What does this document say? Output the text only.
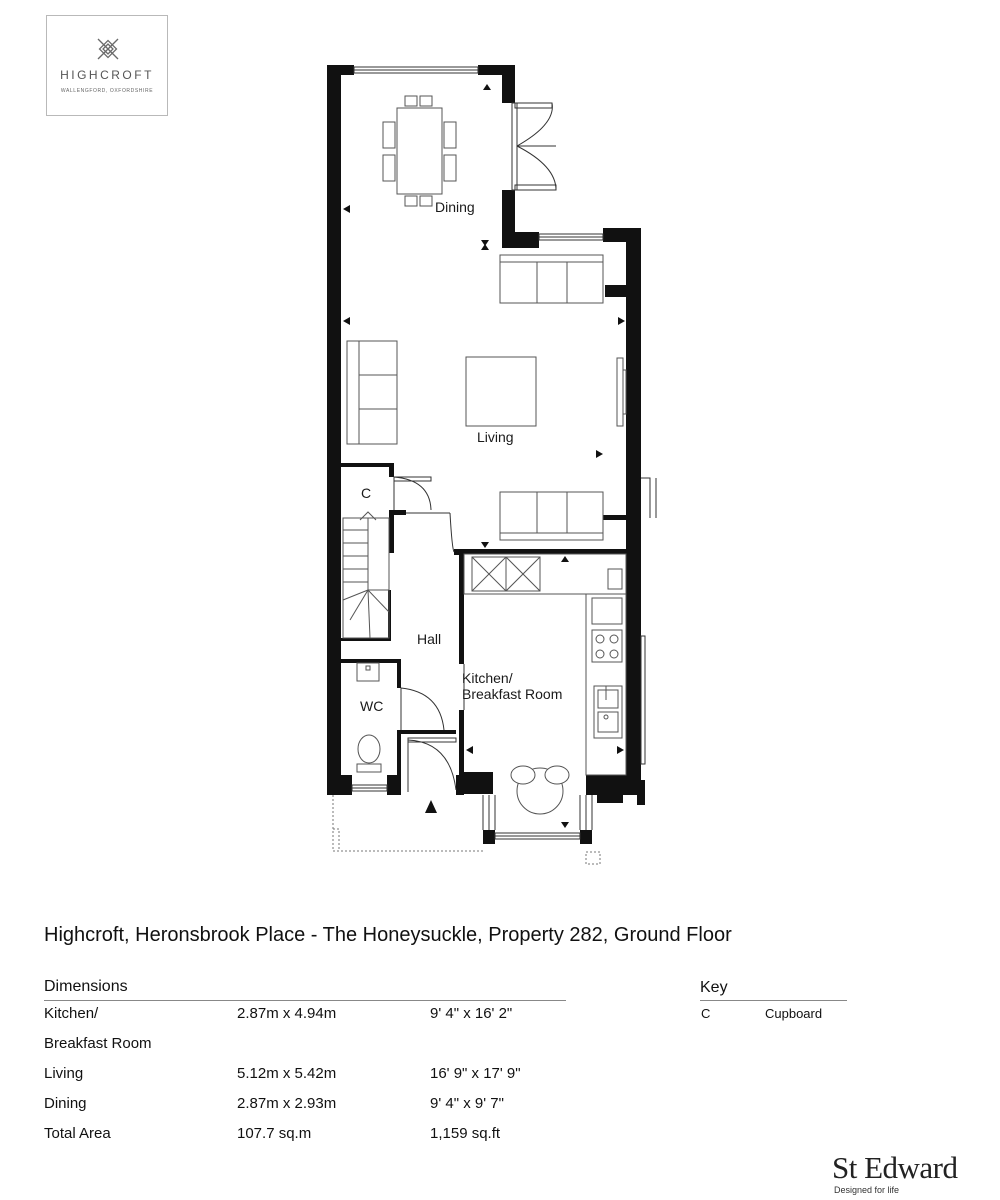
HIGHCROFT
WALLENGFORD, OXFORDSHIRE
Dining
Living
C
Hall
WC
Kitchen/
Breakfast Room
Highcroft, Heronsbrook Place - The Honeysuckle, Property 282, Ground Floor
Dimensions
Kitchen/	2.87m x 4.94m	9' 4" x 16' 2"
Breakfast Room
Living	5.12m x 5.42m	16' 9" x 17' 9"
Dining	2.87m x 2.93m	9' 4" x 9' 7"
Total Area	107.7 sq.m	1,159 sq.ft
Key
C	Cupboard
St Edward
Designed for life
